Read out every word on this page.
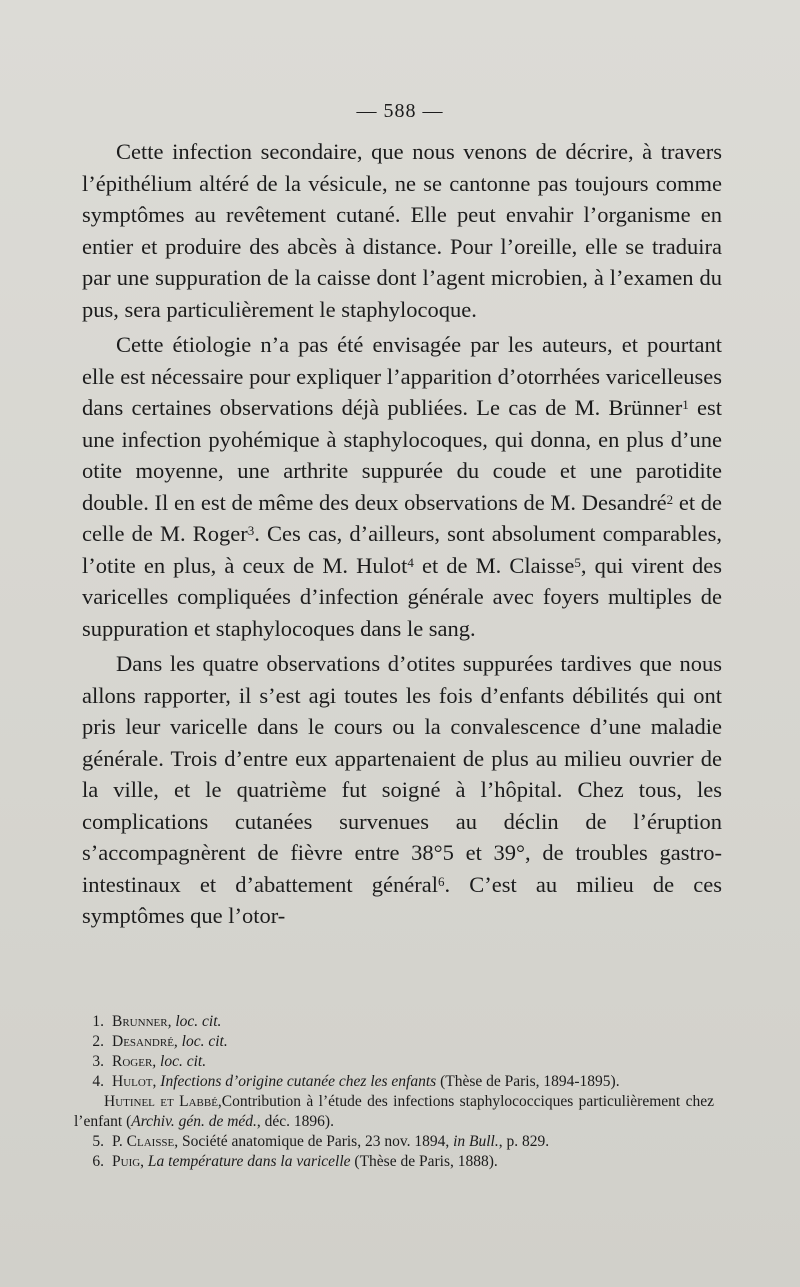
— 588 —

Cette infection secondaire, que nous venons de décrire, à travers l’épithélium altéré de la vésicule, ne se cantonne pas toujours comme symptômes au revêtement cutané. Elle peut envahir l’organisme en entier et produire des abcès à distance. Pour l’oreille, elle se traduira par une suppuration de la caisse dont l’agent microbien, à l’examen du pus, sera particulièrement le staphylocoque.

Cette étiologie n’a pas été envisagée par les auteurs, et pourtant elle est nécessaire pour expliquer l’apparition d’otorrhées varicelleuses dans certaines observations déjà publiées. Le cas de M. Brünner$^1$ est une infection pyohémique à staphylocoques, qui donna, en plus d’une otite moyenne, une arthrite suppurée du coude et une parotidite double. Il en est de même des deux observations de M. Desandré$^2$ et de celle de M. Roger$^3$. Ces cas, d’ailleurs, sont absolument comparables, l’otite en plus, à ceux de M. Hulot$^4$ et de M. Claisse$^5$, qui virent des varicelles compliquées d’infection générale avec foyers multiples de suppuration et staphylocoques dans le sang.

Dans les quatre observations d’otites suppurées tardives que nous allons rapporter, il s’est agi toutes les fois d’enfants débilités qui ont pris leur varicelle dans le cours ou la convalescence d’une maladie générale. Trois d’entre eux appartenaient de plus au milieu ouvrier de la ville, et le quatrième fut soigné à l’hôpital. Chez tous, les complications cutanées survenues au déclin de l’éruption s’accompagnèrent de fièvre entre 38°5 et 39°, de troubles gastro-intestinaux et d’abattement général$^6$. C’est au milieu de ces symptômes que l’otor-

1. Brunner, loc. cit.

2. Desandré, loc. cit.

3. Roger, loc. cit.

4. Hulot, Infections d’origine cutanée chez les enfants (Thèse de Paris, 1894-1895).

Hutinel et Labbé,Contribution à l’étude des infections staphylococciques particulièrement chez l’enfant (Archiv. gén. de méd., déc. 1896).

5. P. Claisse, Société anatomique de Paris, 23 nov. 1894, in Bull., p. 829.

6. Puig, La température dans la varicelle (Thèse de Paris, 1888).
